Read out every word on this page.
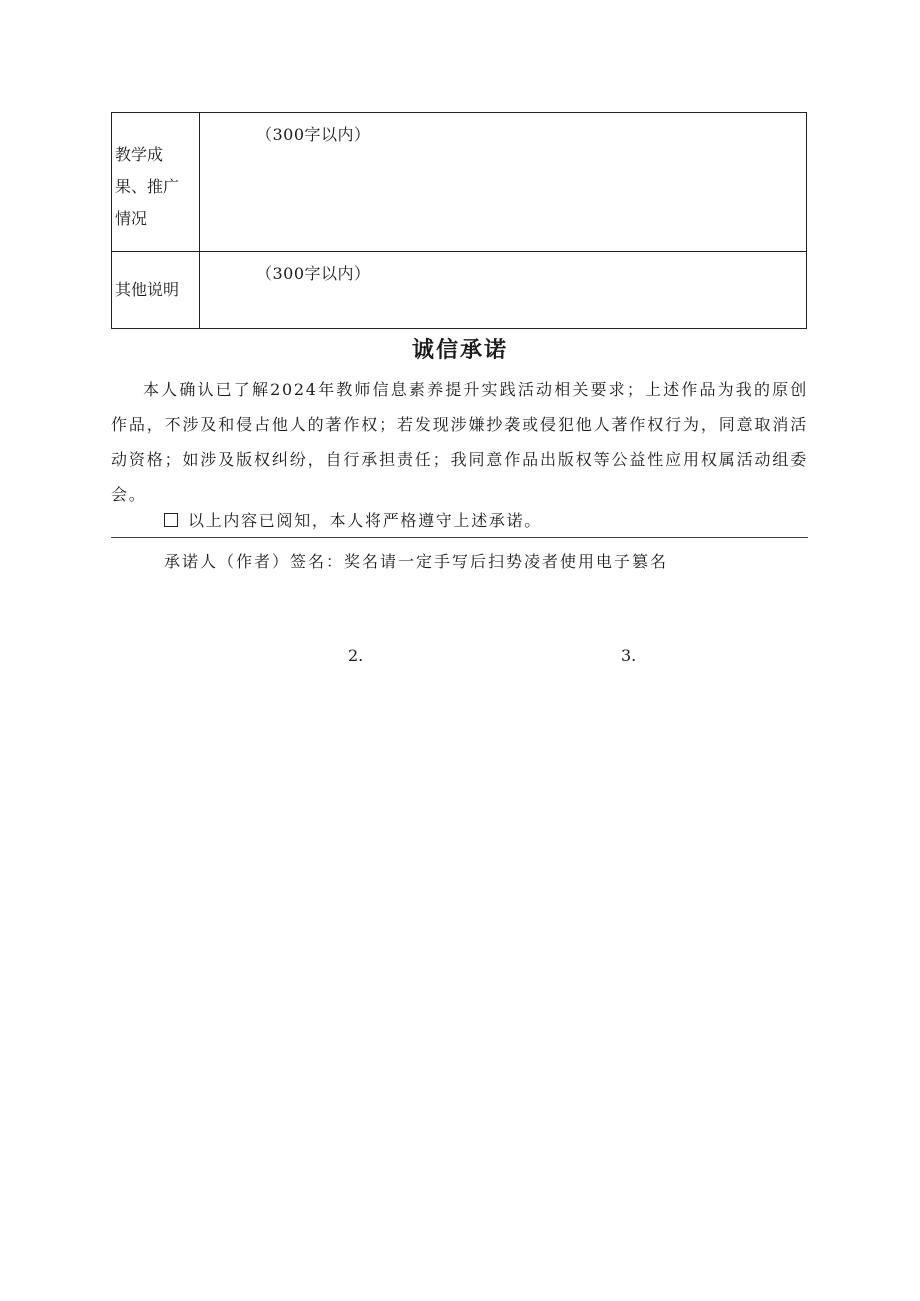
教学成
果、推广
情况	（300字以内）

其他说明	（300字以内）
诚信承诺

本人确认已了解2024年教师信息素养提升实践活动相关要求；上述作品为我的原创作品，不涉及和侵占他人的著作权；若发现涉嫌抄袭或侵犯他人著作权行为，同意取消活动资格；如涉及版权纠纷，自行承担责任；我同意作品出版权等公益性应用权属活动组委会。

以上内容已阅知，本人将严格遵守上述承诺。

承诺人（作者）签名：奖名请一定手写后扫势凌者使用电子篡名

2.	3.
